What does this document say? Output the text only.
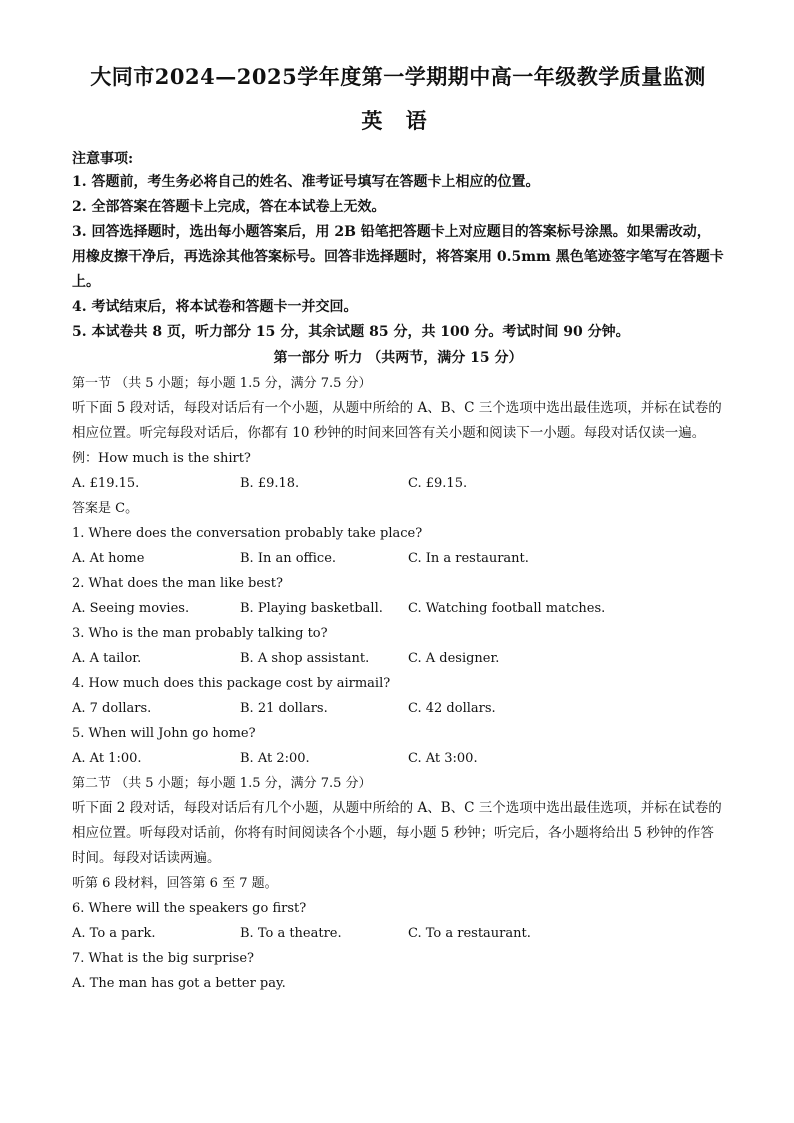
大同市2024—2025学年度第一学期期中高一年级教学质量监测

英 语

注意事项:

1. 答题前，考生务必将自己的姓名、准考证号填写在答题卡上相应的位置。

2. 全部答案在答题卡上完成，答在本试卷上无效。

3. 回答选择题时，选出每小题答案后，用 2B 铅笔把答题卡上对应题目的答案标号涂黑。如果需改动，用橡皮擦干净后，再选涂其他答案标号。回答非选择题时，将答案用 0.5mm 黑色笔迹签字笔写在答题卡上。

4. 考试结束后，将本试卷和答题卡一并交回。

5. 本试卷共 8 页，听力部分 15 分，其余试题 85 分，共 100 分。考试时间 90 分钟。

第一部分 听力 （共两节，满分 15 分）

第一节 （共 5 小题；每小题 1.5 分，满分 7.5 分）

听下面 5 段对话，每段对话后有一个小题，从题中所给的 A、B、C 三个选项中选出最佳选项，并标在试卷的相应位置。听完每段对话后，你都有 10 秒钟的时间来回答有关小题和阅读下一小题。每段对话仅读一遍。

例：How much is the shirt?

A. £19.15.	B. £9.18.	C. £9.15.

答案是 C。

1. Where does the conversation probably take place?

A. At home	B. In an office.	C. In a restaurant.

2. What does the man like best?

A. Seeing movies.	B. Playing basketball.	C. Watching football matches.

3. Who is the man probably talking to?

A. A tailor.	B. A shop assistant.	C. A designer.

4. How much does this package cost by airmail?

A. 7 dollars.	B. 21 dollars.	C. 42 dollars.

5. When will John go home?

A. At 1:00.	B. At 2:00.	C. At 3:00.

第二节 （共 5 小题；每小题 1.5 分，满分 7.5 分）

听下面 2 段对话，每段对话后有几个小题，从题中所给的 A、B、C 三个选项中选出最佳选项，并标在试卷的相应位置。听每段对话前，你将有时间阅读各个小题，每小题 5 秒钟；听完后，各小题将给出 5 秒钟的作答时间。每段对话读两遍。

听第 6 段材料，回答第 6 至 7 题。

6. Where will the speakers go first?

A. To a park.	B. To a theatre.	C. To a restaurant.

7. What is the big surprise?

A. The man has got a better pay.
